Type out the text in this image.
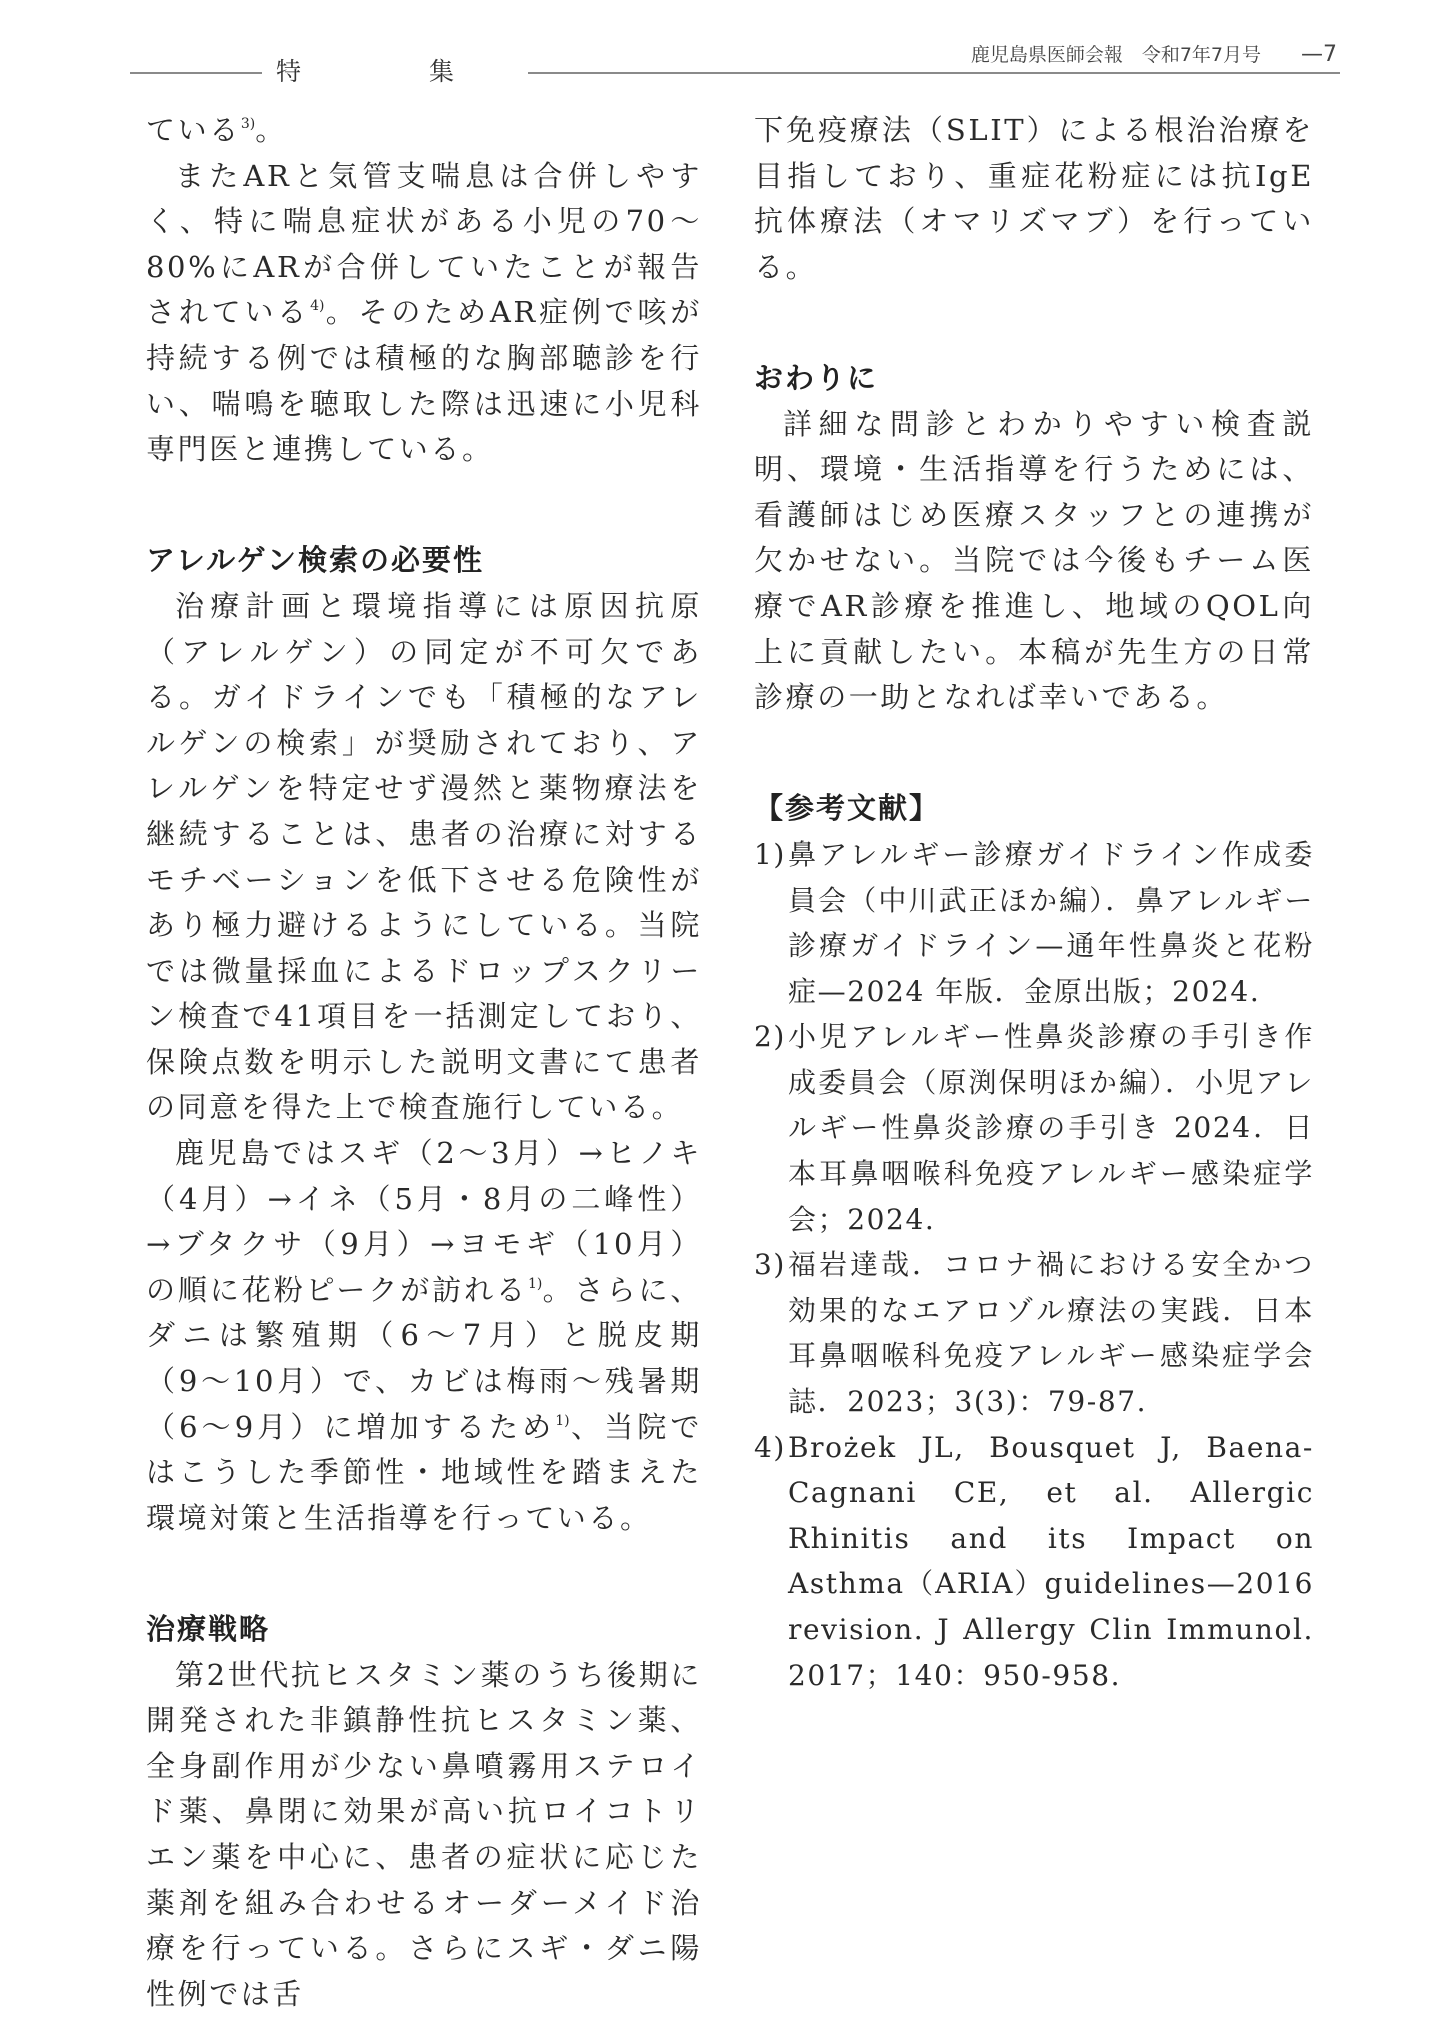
特 集
鹿児島県医師会報　令和7年7月号 —7

ている$^{3)}$。

またARと気管支喘息は合併しやすく、特に喘息症状がある小児の70〜80%にARが合併していたことが報告されている$^{4)}$。そのためAR症例で咳が持続する例では積極的な胸部聴診を行い、喘鳴を聴取した際は迅速に小児科専門医と連携している。

アレルゲン検索の必要性

治療計画と環境指導には原因抗原（アレルゲン）の同定が不可欠である。ガイドラインでも「積極的なアレルゲンの検索」が奨励されており、アレルゲンを特定せず漫然と薬物療法を継続することは、患者の治療に対するモチベーションを低下させる危険性があり極力避けるようにしている。当院では微量採血によるドロップスクリーン検査で41項目を一括測定しており、保険点数を明示した説明文書にて患者の同意を得た上で検査施行している。

鹿児島ではスギ（2〜3月）→ヒノキ（4月）→イネ（5月・8月の二峰性）→ブタクサ（9月）→ヨモギ（10月）の順に花粉ピークが訪れる$^{1)}$。さらに、ダニは繁殖期（6〜7月）と脱皮期（9〜10月）で、カビは梅雨〜残暑期（6〜9月）に増加するため$^{1)}$、当院ではこうした季節性・地域性を踏まえた環境対策と生活指導を行っている。

治療戦略

第2世代抗ヒスタミン薬のうち後期に開発された非鎮静性抗ヒスタミン薬、全身副作用が少ない鼻噴霧用ステロイド薬、鼻閉に効果が高い抗ロイコトリエン薬を中心に、患者の症状に応じた薬剤を組み合わせるオーダーメイド治療を行っている。さらにスギ・ダニ陽性例では舌

下免疫療法（SLIT）による根治治療を目指しており、重症花粉症には抗IgE抗体療法（オマリズマブ）を行っている。

おわりに

詳細な問診とわかりやすい検査説明、環境・生活指導を行うためには、看護師はじめ医療スタッフとの連携が欠かせない。当院では今後もチーム医療でAR診療を推進し、地域のQOL向上に貢献したい。本稿が先生方の日常診療の一助となれば幸いである。

【参考文献】
1) 鼻アレルギー診療ガイドライン作成委員会（中川武正ほか編）．鼻アレルギー診療ガイドライン—通年性鼻炎と花粉症—2024 年版．金原出版；2024.
2) 小児アレルギー性鼻炎診療の手引き作成委員会（原渕保明ほか編）．小児アレルギー性鼻炎診療の手引き 2024．日本耳鼻咽喉科免疫アレルギー感染症学会；2024.
3) 福岩達哉．コロナ禍における安全かつ効果的なエアロゾル療法の実践．日本耳鼻咽喉科免疫アレルギー感染症学会誌．2023；3(3)：79-87.
4) Brożek JL, Bousquet J, Baena-Cagnani CE, et al. Allergic Rhinitis and its Impact on Asthma（ARIA）guidelines—2016 revision. J Allergy Clin Immunol. 2017；140：950-958.
